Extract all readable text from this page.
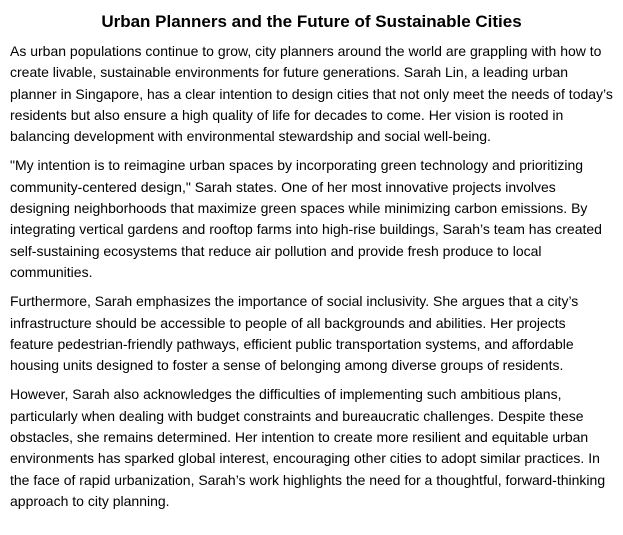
Urban Planners and the Future of Sustainable Cities

As urban populations continue to grow, city planners around the world are grappling with how to create livable, sustainable environments for future generations. Sarah Lin, a leading urban planner in Singapore, has a clear intention to design cities that not only meet the needs of today’s residents but also ensure a high quality of life for decades to come. Her vision is rooted in balancing development with environmental stewardship and social well-being.

"My intention is to reimagine urban spaces by incorporating green technology and prioritizing community-centered design," Sarah states. One of her most innovative projects involves designing neighborhoods that maximize green spaces while minimizing carbon emissions. By integrating vertical gardens and rooftop farms into high-rise buildings, Sarah’s team has created self-sustaining ecosystems that reduce air pollution and provide fresh produce to local communities.

Furthermore, Sarah emphasizes the importance of social inclusivity. She argues that a city’s infrastructure should be accessible to people of all backgrounds and abilities. Her projects feature pedestrian-friendly pathways, efficient public transportation systems, and affordable housing units designed to foster a sense of belonging among diverse groups of residents.

However, Sarah also acknowledges the difficulties of implementing such ambitious plans, particularly when dealing with budget constraints and bureaucratic challenges. Despite these obstacles, she remains determined. Her intention to create more resilient and equitable urban environments has sparked global interest, encouraging other cities to adopt similar practices. In the face of rapid urbanization, Sarah’s work highlights the need for a thoughtful, forward-thinking approach to city planning.
